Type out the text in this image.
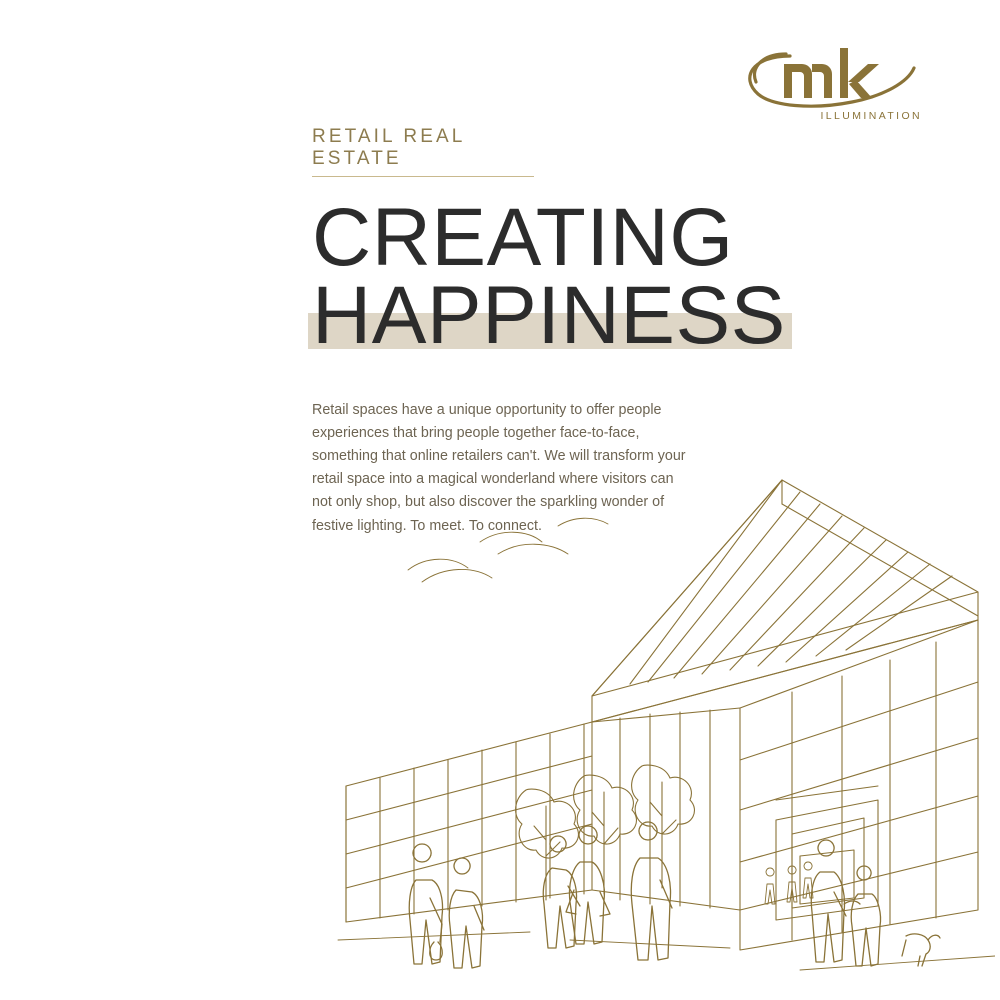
ILLUMINATION
RETAIL REAL ESTATE
CREATING
HAPPINESS

Retail spaces have a unique opportunity to offer people experiences that bring people together face-to-face, something that online retailers can't. We will transform your retail space into a magical wonderland where visitors can not only shop, but also discover the sparkling wonder of festive lighting. To meet. To connect.
